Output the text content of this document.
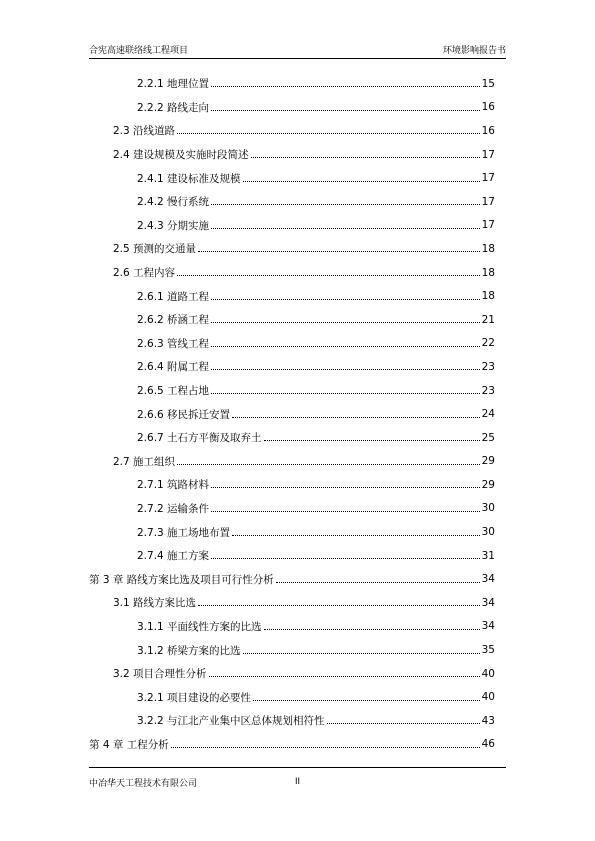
合宪高速联络线工程项目	环境影响报告书
2.2.1 地理位置	15
2.2.2 路线走向	16
2.3 沿线道路	16
2.4 建设规模及实施时段简述	17
2.4.1 建设标准及规模	17
2.4.2 慢行系统	17
2.4.3 分期实施	17
2.5 预测的交通量	18
2.6 工程内容	18
2.6.1 道路工程	18
2.6.2 桥涵工程	21
2.6.3 管线工程	22
2.6.4 附属工程	23
2.6.5 工程占地	23
2.6.6 移民拆迁安置	24
2.6.7 土石方平衡及取弃土	25
2.7 施工组织	29
2.7.1 筑路材料	29
2.7.2 运输条件	30
2.7.3 施工场地布置	30
2.7.4 施工方案	31
第 3 章 路线方案比选及项目可行性分析	34
3.1 路线方案比选	34
3.1.1 平面线性方案的比选	34
3.1.2 桥梁方案的比选	35
3.2 项目合理性分析	40
3.2.1 项目建设的必要性	40
3.2.2 与江北产业集中区总体规划相符性	43
第 4 章 工程分析	46
中冶华天工程技术有限公司	II
